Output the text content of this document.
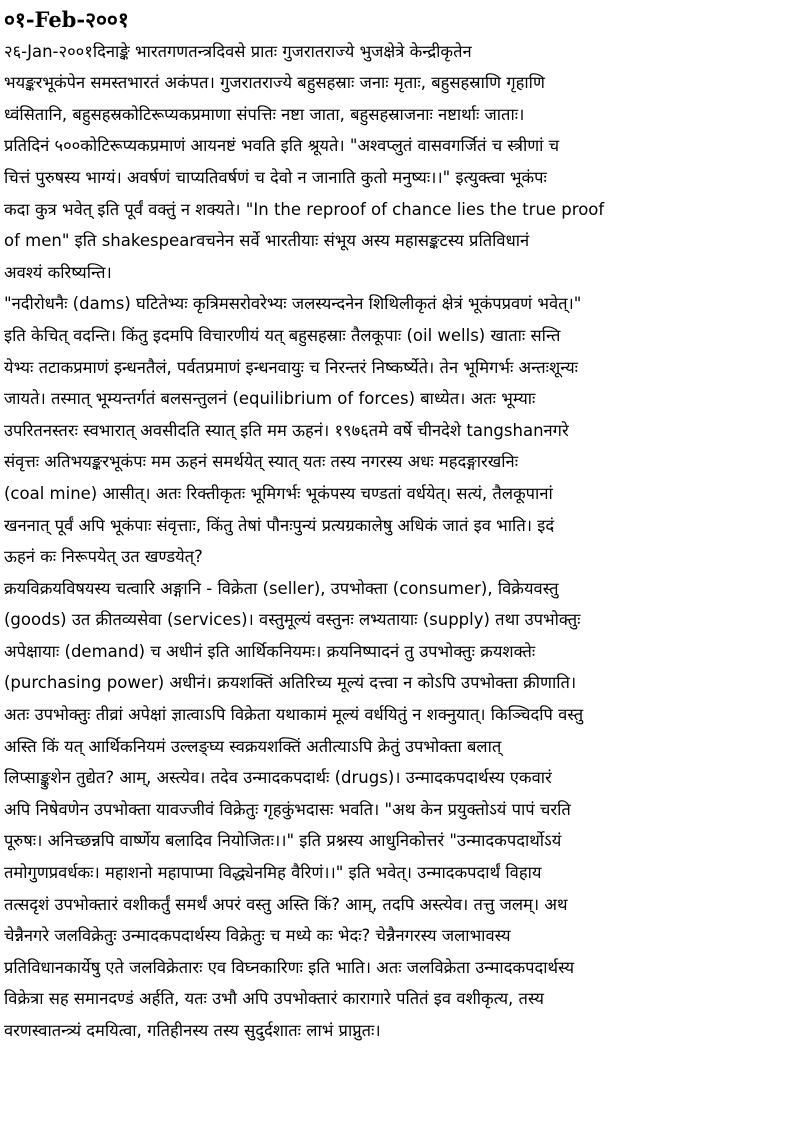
०१-Feb-२००१
२६-Jan-२००१दिनाङ्के भारतगणतन्त्रदिवसे प्रातः गुजरातराज्ये भुजक्षेत्रे केन्द्रीकृतेन
भयङ्करभूकंपेन समस्तभारतं अकंपत। गुजरातराज्ये बहुसहस्राः जनाः मृताः, बहुसहस्राणि गृहाणि
ध्वंसितानि, बहुसहस्रकोटिरूप्यकप्रमाणा संपत्तिः नष्टा जाता, बहुसहस्राजनाः नष्टार्थाः जाताः।
प्रतिदिनं ५००कोटिरूप्यकप्रमाणं आयनष्टं भवति इति श्रूयते। "अश्वप्लुतं वासवगर्जितं च स्त्रीणां च
चित्तं पुरुषस्य भाग्यं। अवर्षणं चाप्यतिवर्षणं च देवो न जानाति कुतो मनुष्यः।।" इत्युक्त्वा भूकंपः
कदा कुत्र भवेत् इति पूर्वं वक्तुं न शक्यते। "In the reproof of chance lies the true proof
of men" इति shakespearवचनेन सर्वे भारतीयाः संभूय अस्य महासङ्कटस्य प्रतिविधानं
अवश्यं करिष्यन्ति।
"नदीरोधनैः (dams) घटितेभ्यः कृत्रिमसरोवरेभ्यः जलस्यन्दनेन शिथिलीकृतं क्षेत्रं भूकंपप्रवणं भवेत्।"
इति केचित् वदन्ति। किंतु इदमपि विचारणीयं यत् बहुसहस्राः तैलकूपाः (oil wells) खाताः सन्ति
येभ्यः तटाकप्रमाणं इन्धनतैलं, पर्वतप्रमाणं इन्धनवायुः च निरन्तरं निष्कर्ष्येते। तेन भूमिगर्भः अन्तःशून्यः
जायते। तस्मात् भूम्यन्तर्गतं बलसन्तुलनं (equilibrium of forces) बाध्येत। अतः भूम्याः
उपरितनस्तरः स्वभारात् अवसीदति स्यात् इति मम ऊहनं। १९७६तमे वर्षे चीनदेशे tangshanनगरे
संवृत्तः अतिभयङ्करभूकंपः मम ऊहनं समर्थयेत् स्यात् यतः तस्य नगरस्य अधः महदङ्गारखनिः
(coal mine) आसीत्। अतः रिक्तीकृतः भूमिगर्भः भूकंपस्य चण्डतां वर्धयेत्। सत्यं, तैलकूपानां
खननात् पूर्वं अपि भूकंपाः संवृत्ताः, किंतु तेषां पौनःपुन्यं प्रत्यग्रकालेषु अधिकं जातं इव भाति। इदं
ऊहनं कः निरूपयेत् उत खण्डयेत्?
क्रयविक्रयविषयस्य चत्वारि अङ्गानि - विक्रेता (seller), उपभोक्ता (consumer), विक्रेयवस्तु
(goods) उत क्रीतव्यसेवा (services)। वस्तुमूल्यं वस्तुनः लभ्यतायाः (supply) तथा उपभोक्तुः
अपेक्षायाः (demand) च अधीनं इति आर्थिकनियमः। क्रयनिष्पादनं तु उपभोक्तुः क्रयशक्तेः
(purchasing power) अधीनं। क्रयशक्तिं अतिरिच्य मूल्यं दत्त्वा न कोऽपि उपभोक्ता क्रीणाति।
अतः उपभोक्तुः तीव्रां अपेक्षां ज्ञात्वाऽपि विक्रेता यथाकामं मूल्यं वर्धयितुं न शक्नुयात्। किञ्चिदपि वस्तु
अस्ति किं यत् आर्थिकनियमं उल्लङ्घ्य स्वक्रयशक्तिं अतीत्याऽपि क्रेतुं उपभोक्ता बलात्
लिप्साङ्कुशेन तुद्येत? आम्, अस्त्येव। तदेव उन्मादकपदार्थः (drugs)। उन्मादकपदार्थस्य एकवारं
अपि निषेवणेन उपभोक्ता यावज्जीवं विक्रेतुः गृहकुंभदासः भवति। "अथ केन प्रयुक्तोऽयं पापं चरति
पूरुषः। अनिच्छन्नपि वार्ष्णेय बलादिव नियोजितः।।" इति प्रश्नस्य आधुनिकोत्तरं "उन्मादकपदार्थोऽयं
तमोगुणप्रवर्धकः। महाशनो महापाप्मा विद्ध्येनमिह वैरिणं।।" इति भवेत्। उन्मादकपदार्थं विहाय
तत्सदृशं उपभोक्तारं वशीकर्तुं समर्थं अपरं वस्तु अस्ति किं? आम्, तदपि अस्त्येव। तत्तु जलम्। अथ
चेन्नैनगरे जलविक्रेतुः उन्मादकपदार्थस्य विक्रेतुः च मध्ये कः भेदः? चेन्नैनगरस्य जलाभावस्य
प्रतिविधानकार्येषु एते जलविक्रेतारः एव विघ्नकारिणः इति भाति। अतः जलविक्रेता उन्मादकपदार्थस्य
विक्रेत्रा सह समानदण्डं अर्हति, यतः उभौ अपि उपभोक्तारं कारागारे पतितं इव वशीकृत्य, तस्य
वरणस्वातन्त्र्यं दमयित्वा, गतिहीनस्य तस्य सुदुर्दशातः लाभं प्राप्नुतः।
